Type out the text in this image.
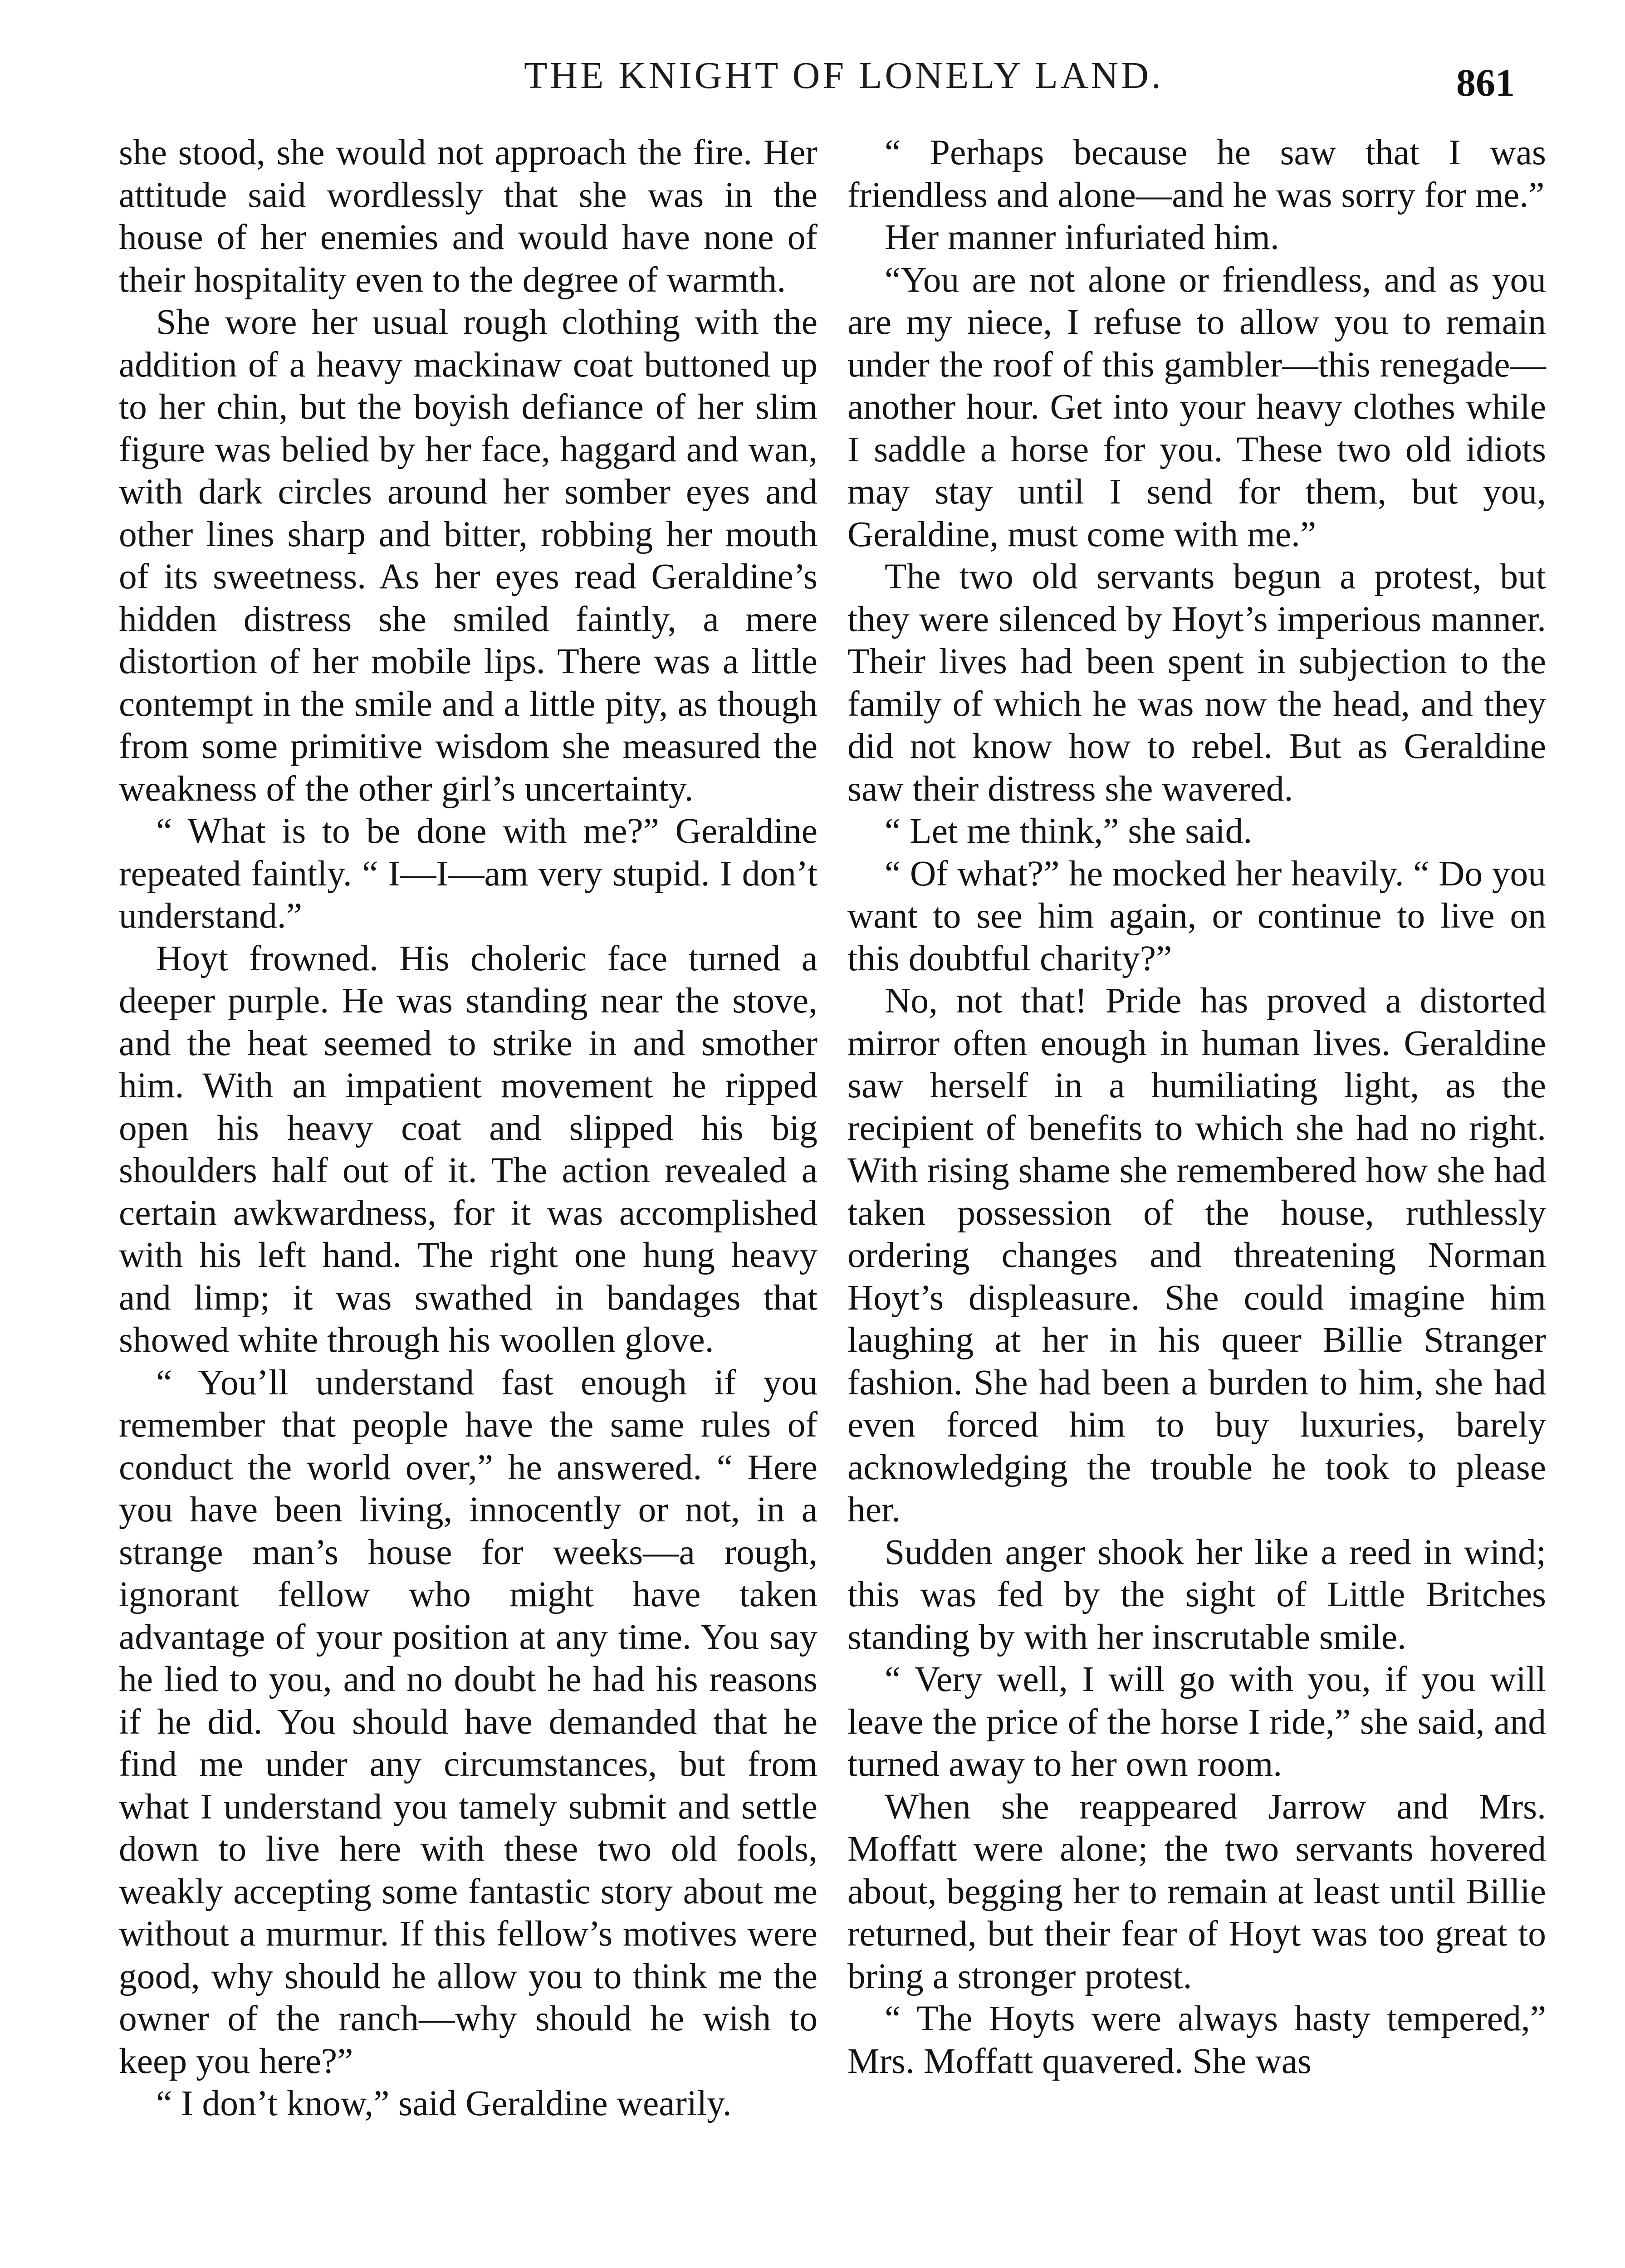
THE KNIGHT OF LONELY LAND.	861

she stood, she would not approach the fire. Her attitude said wordlessly that she was in the house of her enemies and would have none of their hospitality even to the degree of warmth.

She wore her usual rough clothing with the addition of a heavy mackinaw coat buttoned up to her chin, but the boyish defiance of her slim figure was belied by her face, haggard and wan, with dark circles around her somber eyes and other lines sharp and bitter, robbing her mouth of its sweetness. As her eyes read Geraldine’s hidden distress she smiled faintly, a mere distortion of her mobile lips. There was a little contempt in the smile and a little pity, as though from some primitive wisdom she measured the weakness of the other girl’s uncertainty.

“ What is to be done with me?” Geraldine repeated faintly. “ I—I—am very stupid. I don’t understand.”

Hoyt frowned. His choleric face turned a deeper purple. He was standing near the stove, and the heat seemed to strike in and smother him. With an impatient movement he ripped open his heavy coat and slipped his big shoulders half out of it. The action revealed a certain awkwardness, for it was accomplished with his left hand. The right one hung heavy and limp; it was swathed in bandages that showed white through his woollen glove.

“ You’ll understand fast enough if you remember that people have the same rules of conduct the world over,” he answered. “ Here you have been living, innocently or not, in a strange man’s house for weeks—a rough, ignorant fellow who might have taken advantage of your position at any time. You say he lied to you, and no doubt he had his reasons if he did. You should have demanded that he find me under any circumstances, but from what I understand you tamely submit and settle down to live here with these two old fools, weakly accepting some fantastic story about me without a murmur. If this fellow’s motives were good, why should he allow you to think me the owner of the ranch—why should he wish to keep you here?”

“ I don’t know,” said Geraldine wearily.

“ Perhaps because he saw that I was friendless and alone—and he was sorry for me.”

Her manner infuriated him.

“You are not alone or friendless, and as you are my niece, I refuse to allow you to remain under the roof of this gambler—this renegade—another hour. Get into your heavy clothes while I saddle a horse for you. These two old idiots may stay until I send for them, but you, Geraldine, must come with me.”

The two old servants begun a protest, but they were silenced by Hoyt’s imperious manner. Their lives had been spent in subjection to the family of which he was now the head, and they did not know how to rebel. But as Geraldine saw their distress she wavered.

“ Let me think,” she said.

“ Of what?” he mocked her heavily. “ Do you want to see him again, or continue to live on this doubtful charity?”

No, not that! Pride has proved a distorted mirror often enough in human lives. Geraldine saw herself in a humiliating light, as the recipient of benefits to which she had no right. With rising shame she remembered how she had taken possession of the house, ruthlessly ordering changes and threatening Norman Hoyt’s displeasure. She could imagine him laughing at her in his queer Billie Stranger fashion. She had been a burden to him, she had even forced him to buy luxuries, barely acknowledging the trouble he took to please her.

Sudden anger shook her like a reed in wind; this was fed by the sight of Little Britches standing by with her inscrutable smile.

“ Very well, I will go with you, if you will leave the price of the horse I ride,” she said, and turned away to her own room.

When she reappeared Jarrow and Mrs. Moffatt were alone; the two servants hovered about, begging her to remain at least until Billie returned, but their fear of Hoyt was too great to bring a stronger protest.

“ The Hoyts were always hasty tempered,” Mrs. Moffatt quavered. She was
